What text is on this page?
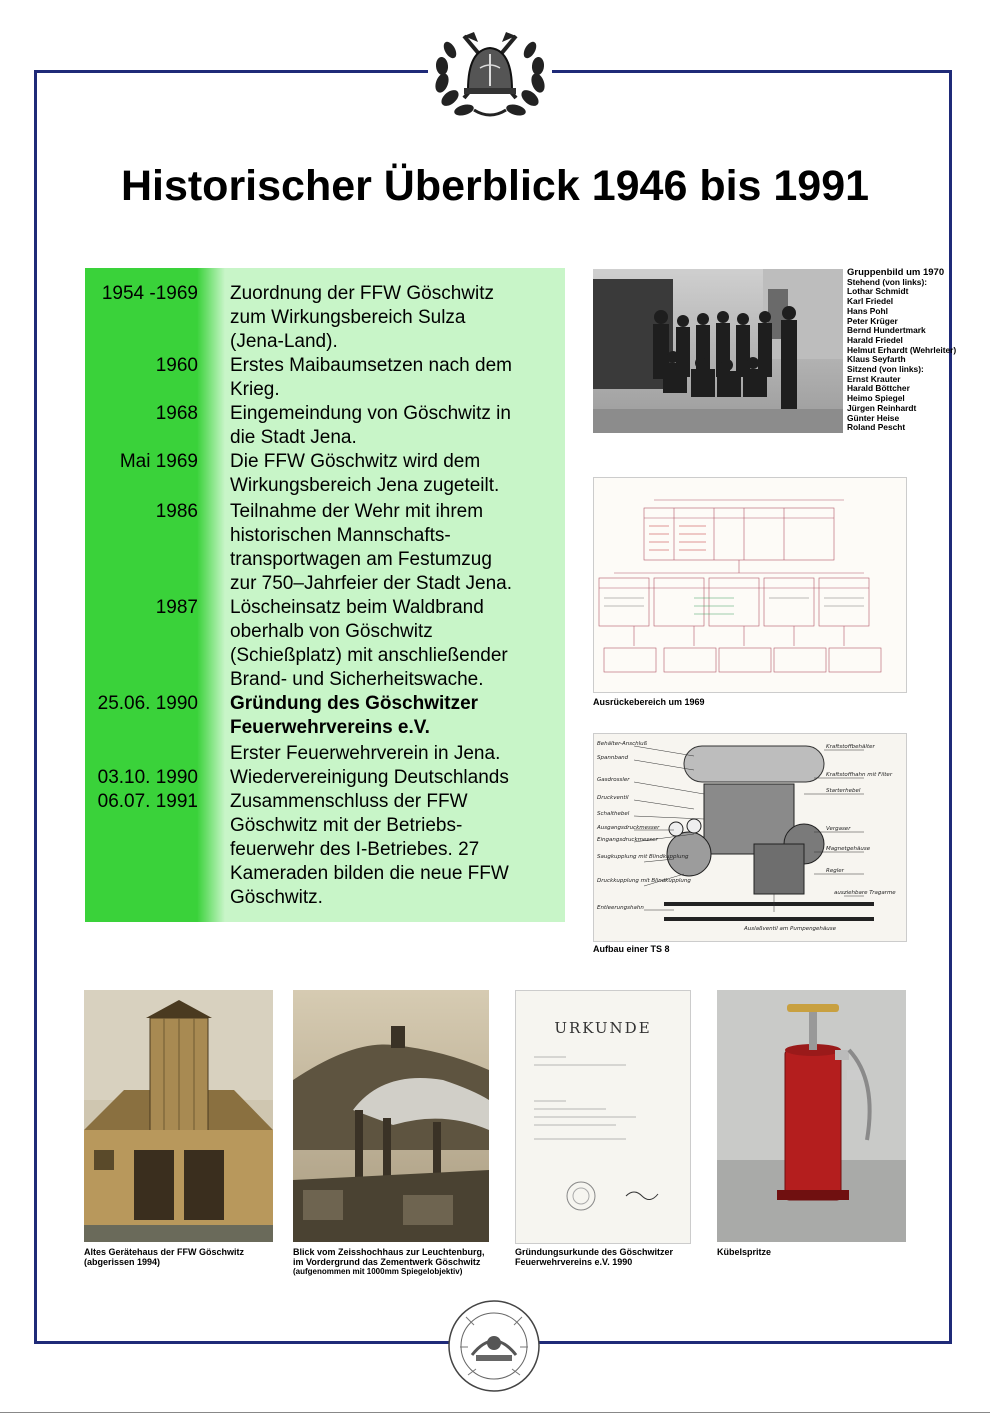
Historischer Überblick 1946 bis 1991
1954 -1969 Zuordnung der FFW Göschwitz
zum Wirkungsbereich Sulza
(Jena-Land).
1960 Erstes Maibaumsetzen nach dem
Krieg.
1968 Eingemeindung von Göschwitz in
die Stadt Jena.
Mai 1969 Die FFW Göschwitz wird dem
Wirkungsbereich Jena zugeteilt.
1986 Teilnahme der Wehr mit ihrem
historischen Mannschafts-
transportwagen am Festumzug
zur 750–Jahrfeier der Stadt Jena.
1987 Löscheinsatz beim Waldbrand
oberhalb von Göschwitz
(Schießplatz) mit anschließender
Brand- und Sicherheitswache.
25.06. 1990 Gründung des Göschwitzer
Feuerwehrvereins e.V.
Erster Feuerwehrverein in Jena.
03.10. 1990 Wiedervereinigung Deutschlands
06.07. 1991 Zusammenschluss der FFW
Göschwitz mit der Betriebs-
feuerwehr des I-Betriebes. 27
Kameraden bilden die neue FFW
Göschwitz.
Gruppenbild um 1970
Stehend (von links):
Lothar Schmidt
Karl Friedel
Hans Pohl
Peter Krüger
Bernd Hundertmark
Harald Friedel
Helmut Erhardt (Wehrleiter)
Klaus Seyfarth
Sitzend (von links):
Ernst Krauter
Harald Böttcher
Heimo Spiegel
Jürgen Reinhardt
Günter Heise
Roland Pescht
Ausrückebereich um 1969
Behälter-Anschluß
Spannband
Gasdrossler
Druckventil
Schalthebel
Ausgangsdruckmesser
Eingangsdruckmesser
Saugkupplung mit Blindkupplung
Druckkupplung mit Blindkupplung
Entleerungshahn
Kraftstoffbehälter
Kraftstoffhahn mit Filter
Starterhebel
Vergaser
Magnetgehäuse
Regler
ausziehbare Tragarme
Auslaßventil am Pumpengehäuse
Aufbau einer TS 8
Altes Gerätehaus der FFW Göschwitz
(abgerissen 1994)
Blick vom Zeisshochhaus zur Leuchtenburg,
im Vordergrund das Zementwerk Göschwitz
(aufgenommen mit 1000mm Spiegelobjektiv)
URKUNDE
Gründungsurkunde des Göschwitzer
Feuerwehrvereins e.V. 1990
Kübelspritze
